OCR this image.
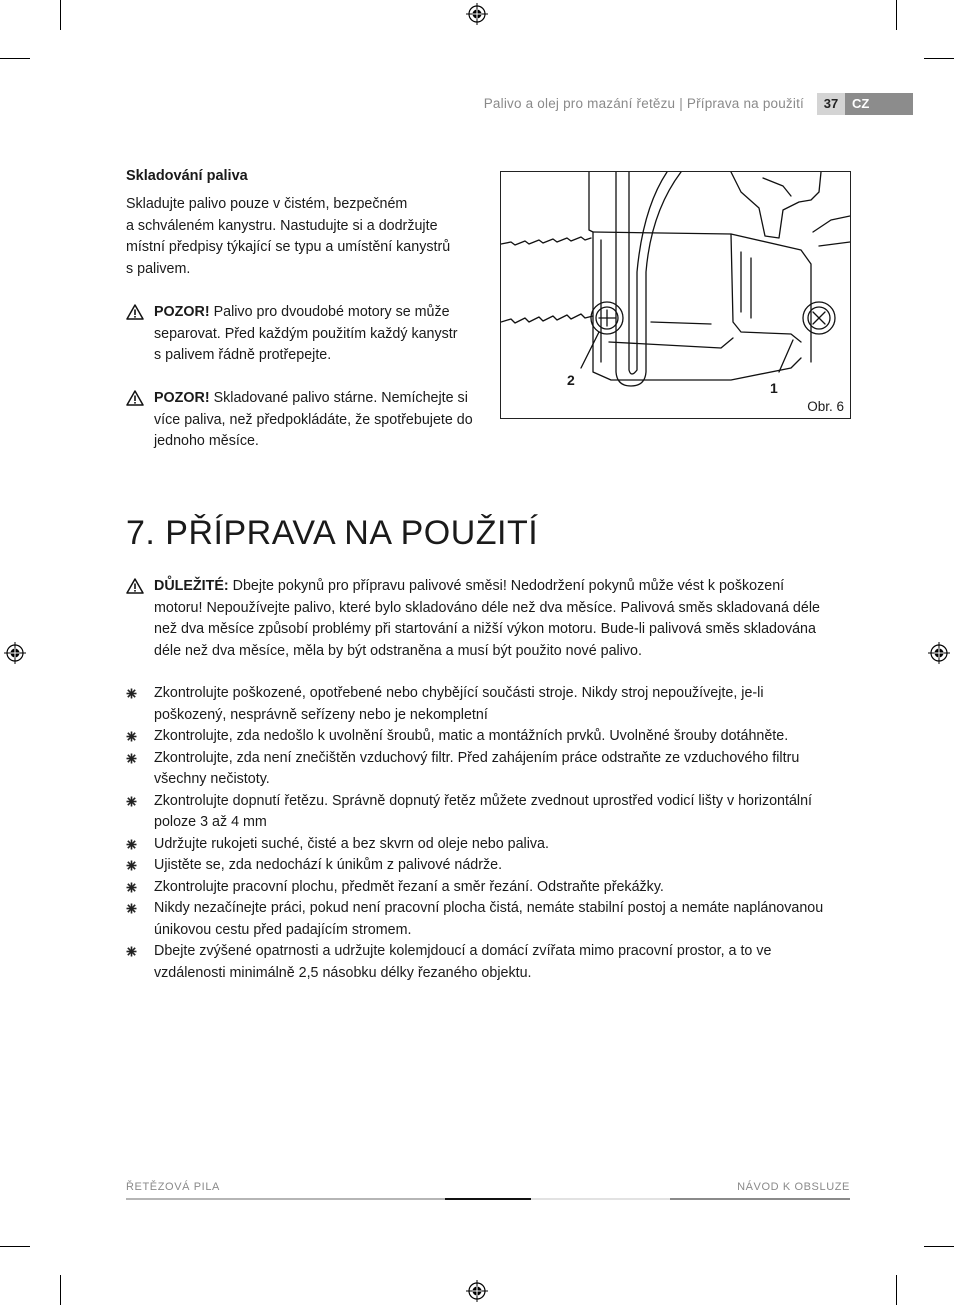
Palivo a olej pro mazání řetězu | Příprava na použití	37	CZ
Skladování paliva
Skladujte palivo pouze v čistém, bezpečném
a schváleném kanystru. Nastudujte si a dodržujte
místní předpisy týkající se typu a umístění kanystrů
s palivem.
POZOR! Palivo pro dvoudobé motory se může
separovat. Před každým použitím každý kanystr
s palivem řádně protřepejte.
POZOR! Skladované palivo stárne. Nemíchejte si
více paliva, než předpokládáte, že spotřebujete do
jednoho měsíce.
2	1
Obr. 6
7. PŘÍPRAVA NA POUŽITÍ
DŮLEŽITÉ: Dbejte pokynů pro přípravu palivové směsi! Nedodržení pokynů může vést k poškození
motoru! Nepoužívejte palivo, které bylo skladováno déle než dva měsíce. Palivová směs skladovaná déle
než dva měsíce způsobí problémy při startování a nižší výkon motoru. Bude-li palivová směs skladována
déle než dva měsíce, měla by být odstraněna a musí být použito nové palivo.
Zkontrolujte poškozené, opotřebené nebo chybějící součásti stroje. Nikdy stroj nepoužívejte, je-li
poškozený, nesprávně seřízeny nebo je nekompletní
Zkontrolujte, zda nedošlo k uvolnění šroubů, matic a montážních prvků. Uvolněné šrouby dotáhněte.
Zkontrolujte, zda není znečištěn vzduchový filtr. Před zahájením práce odstraňte ze vzduchového filtru
všechny nečistoty.
Zkontrolujte dopnutí řetězu. Správně dopnutý řetěz můžete zvednout uprostřed vodicí lišty v horizontální
poloze 3 až 4 mm
Udržujte rukojeti suché, čisté a bez skvrn od oleje nebo paliva.
Ujistěte se, zda nedochází k únikům z palivové nádrže.
Zkontrolujte pracovní plochu, předmět řezaní a směr řezání. Odstraňte překážky.
Nikdy nezačínejte práci, pokud není pracovní plocha čistá, nemáte stabilní postoj a nemáte naplánovanou
únikovou cestu před padajícím stromem.
Dbejte zvýšené opatrnosti a udržujte kolemjdoucí a domácí zvířata mimo pracovní prostor, a to ve
vzdálenosti minimálně 2,5 násobku délky řezaného objektu.
ŘETĚZOVÁ PILA	NÁVOD K OBSLUZE
